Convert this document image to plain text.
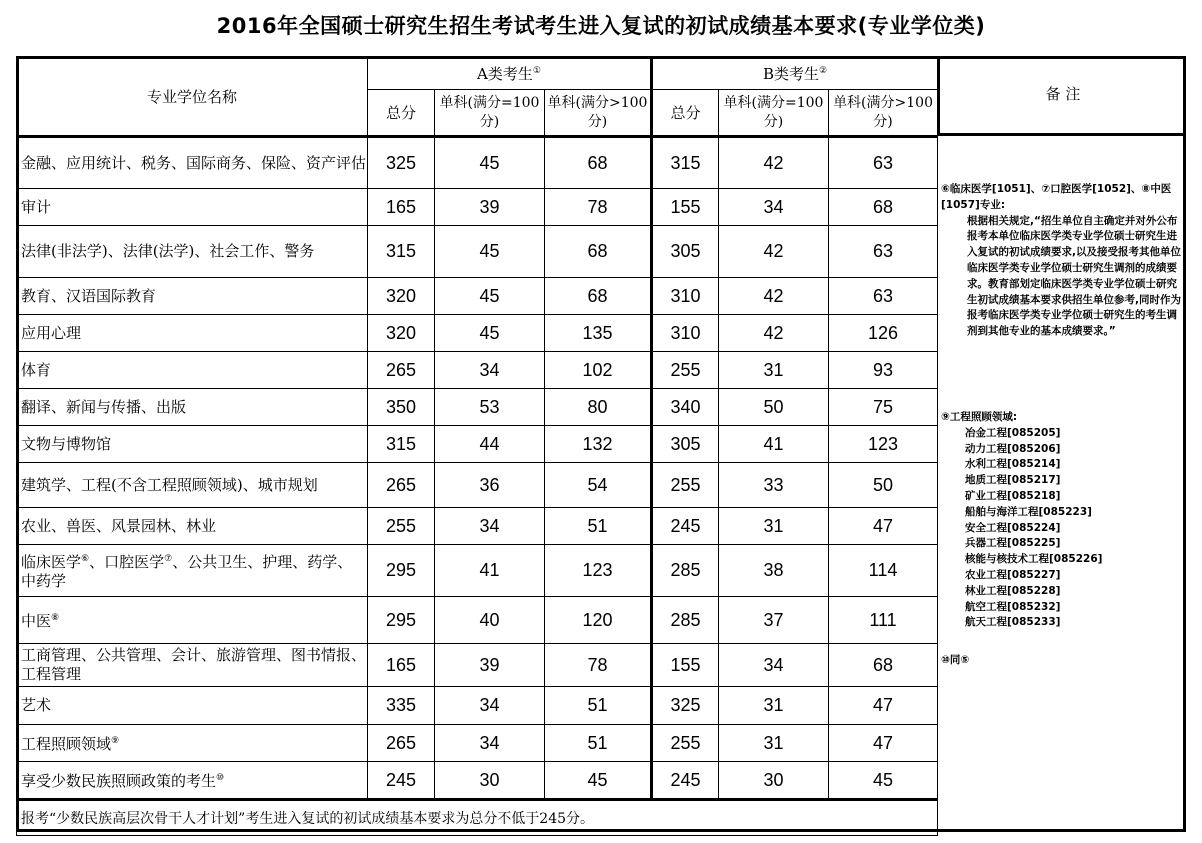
2016年全国硕士研究生招生考试考生进入复试的初试成绩基本要求(专业学位类)
专业学位名称	A类考生①			B类考生②
	总分	单科(满分=100分)	单科(满分>100分)	总分	单科(满分=100分)	单科(满分>100分)
金融、应用统计、税务、国际商务、保险、资产评估	325	45	68	315	42	63
审计	165	39	78	155	34	68
法律(非法学)、法律(法学)、社会工作、警务	315	45	68	305	42	63
教育、汉语国际教育	320	45	68	310	42	63
应用心理	320	45	135	310	42	126
体育	265	34	102	255	31	93
翻译、新闻与传播、出版	350	53	80	340	50	75
文物与博物馆	315	44	132	305	41	123
建筑学、工程(不含工程照顾领域)、城市规划	265	36	54	255	33	50
农业、兽医、风景园林、林业	255	34	51	245	31	47
临床医学⑥、口腔医学⑦、公共卫生、护理、药学、中药学	295	41	123	285	38	114
中医⑧	295	40	120	285	37	111
工商管理、公共管理、会计、旅游管理、图书情报、工程管理	165	39	78	155	34	68
艺术	335	34	51	325	31	47
工程照顾领域⑨	265	34	51	255	31	47
享受少数民族照顾政策的考生⑩	245	30	45	245	30	45
报考“少数民族高层次骨干人才计划”考生进入复试的初试成绩基本要求为总分不低于245分。						
备 注

⑥临床医学[1051]、⑦口腔医学[1052]、⑧中医[1057]专业:

根据相关规定,“招生单位自主确定并对外公布报考本单位临床医学类专业学位硕士研究生进入复试的初试成绩要求,以及接受报考其他单位临床医学类专业学位硕士研究生调剂的成绩要求。教育部划定临床医学类专业学位硕士研究生初试成绩基本要求供招生单位参考,同时作为报考临床医学类专业学位硕士研究生的考生调剂到其他专业的基本成绩要求。”

⑨工程照顾领域:

冶金工程[085205]

动力工程[085206]

水利工程[085214]

地质工程[085217]

矿业工程[085218]

船舶与海洋工程[085223]

安全工程[085224]

兵器工程[085225]

核能与核技术工程[085226]

农业工程[085227]

林业工程[085228]

航空工程[085232]

航天工程[085233]

⑩同⑤
